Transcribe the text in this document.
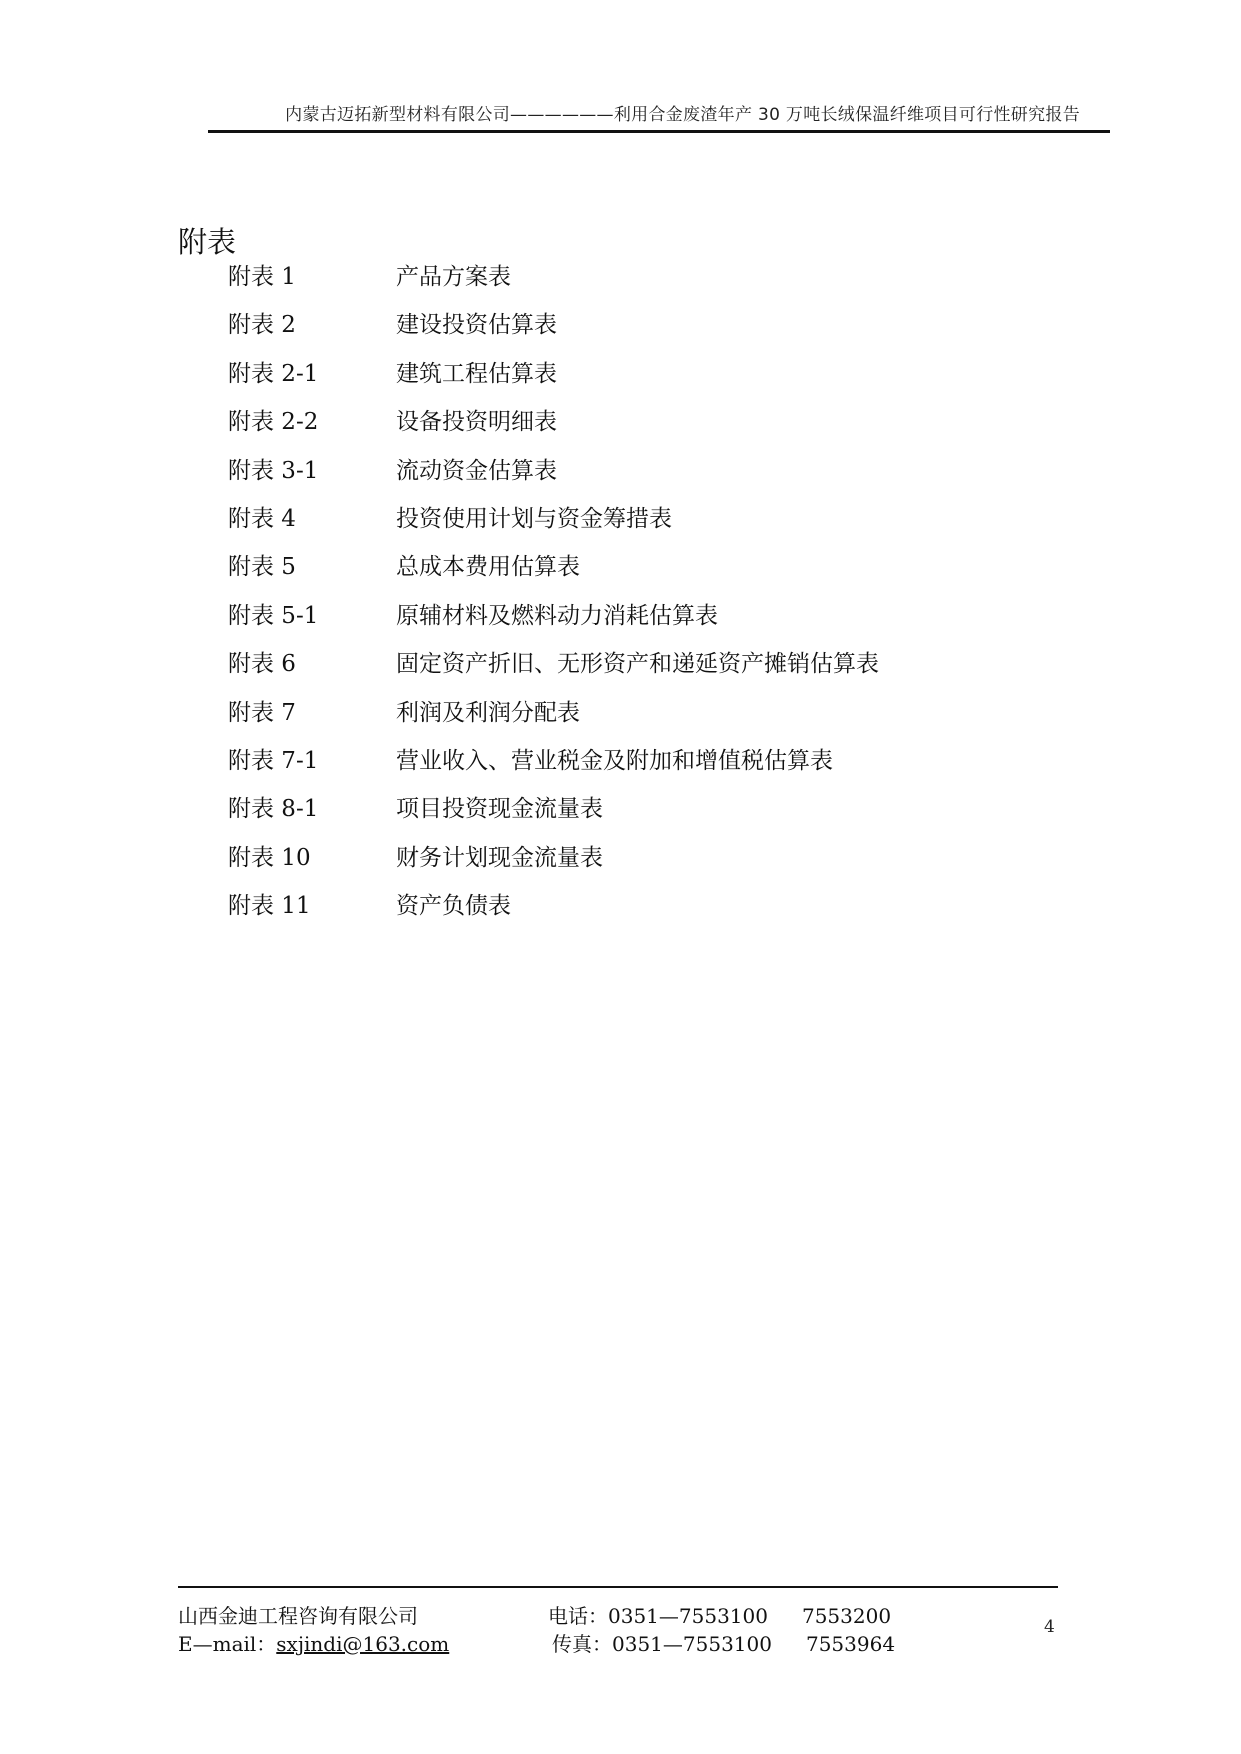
内蒙古迈拓新型材料有限公司——————利用合金废渣年产 30 万吨长绒保温纤维项目可行性研究报告
附表
附表 1	产品方案表
附表 2	建设投资估算表
附表 2-1	建筑工程估算表
附表 2-2	设备投资明细表
附表 3-1	流动资金估算表
附表 4	投资使用计划与资金筹措表
附表 5	总成本费用估算表
附表 5-1	原辅材料及燃料动力消耗估算表
附表 6	固定资产折旧、无形资产和递延资产摊销估算表
附表 7	利润及利润分配表
附表 7-1	营业收入、营业税金及附加和增值税估算表
附表 8-1	项目投资现金流量表
附表 10	财务计划现金流量表
附表 11	资产负债表
山西金迪工程咨询有限公司	电话：0351—7553100 7553200
E—mail：sxjindi@163.com	传真：0351—7553100 7553964
4
